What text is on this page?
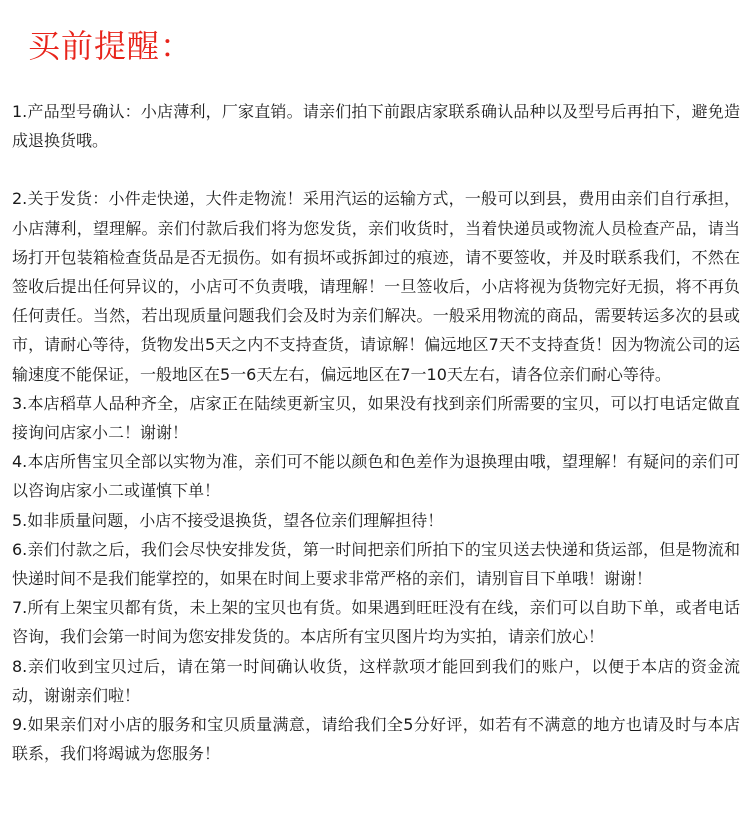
买前提醒：

1.产品型号确认：小店薄利，厂家直销。请亲们拍下前跟店家联系确认品种以及型号后再拍下，避免造成退换货哦。

2.关于发货：小件走快递，大件走物流！采用汽运的运输方式，一般可以到县，费用由亲们自行承担，小店薄利，望理解。亲们付款后我们将为您发货，亲们收货时，当着快递员或物流人员检查产品，请当场打开包装箱检查货品是否无损伤。如有损坏或拆卸过的痕迹，请不要签收，并及时联系我们，不然在签收后提出任何异议的，小店可不负责哦，请理解！一旦签收后，小店将视为货物完好无损，将不再负任何责任。当然，若出现质量问题我们会及时为亲们解决。一般采用物流的商品，需要转运多次的县或市，请耐心等待，货物发出5天之内不支持查货，请谅解！偏远地区7天不支持查货！因为物流公司的运输速度不能保证，一般地区在5一6天左右，偏远地区在7一10天左右，请各位亲们耐心等待。

3.本店稻草人品种齐全，店家正在陆续更新宝贝，如果没有找到亲们所需要的宝贝，可以打电话定做直接询问店家小二！谢谢！

4.本店所售宝贝全部以实物为准，亲们可不能以颜色和色差作为退换理由哦，望理解！有疑问的亲们可以咨询店家小二或谨慎下单！

5.如非质量问题，小店不接受退换货，望各位亲们理解担待！

6.亲们付款之后，我们会尽快安排发货，第一时间把亲们所拍下的宝贝送去快递和货运部，但是物流和快递时间不是我们能掌控的，如果在时间上要求非常严格的亲们，请别盲目下单哦！谢谢！

7.所有上架宝贝都有货，未上架的宝贝也有货。如果遇到旺旺没有在线，亲们可以自助下单，或者电话咨询，我们会第一时间为您安排发货的。本店所有宝贝图片均为实拍，请亲们放心！

8.亲们收到宝贝过后，请在第一时间确认收货，这样款项才能回到我们的账户，以便于本店的资金流动，谢谢亲们啦！

9.如果亲们对小店的服务和宝贝质量满意，请给我们全5分好评，如若有不满意的地方也请及时与本店联系，我们将竭诚为您服务！
